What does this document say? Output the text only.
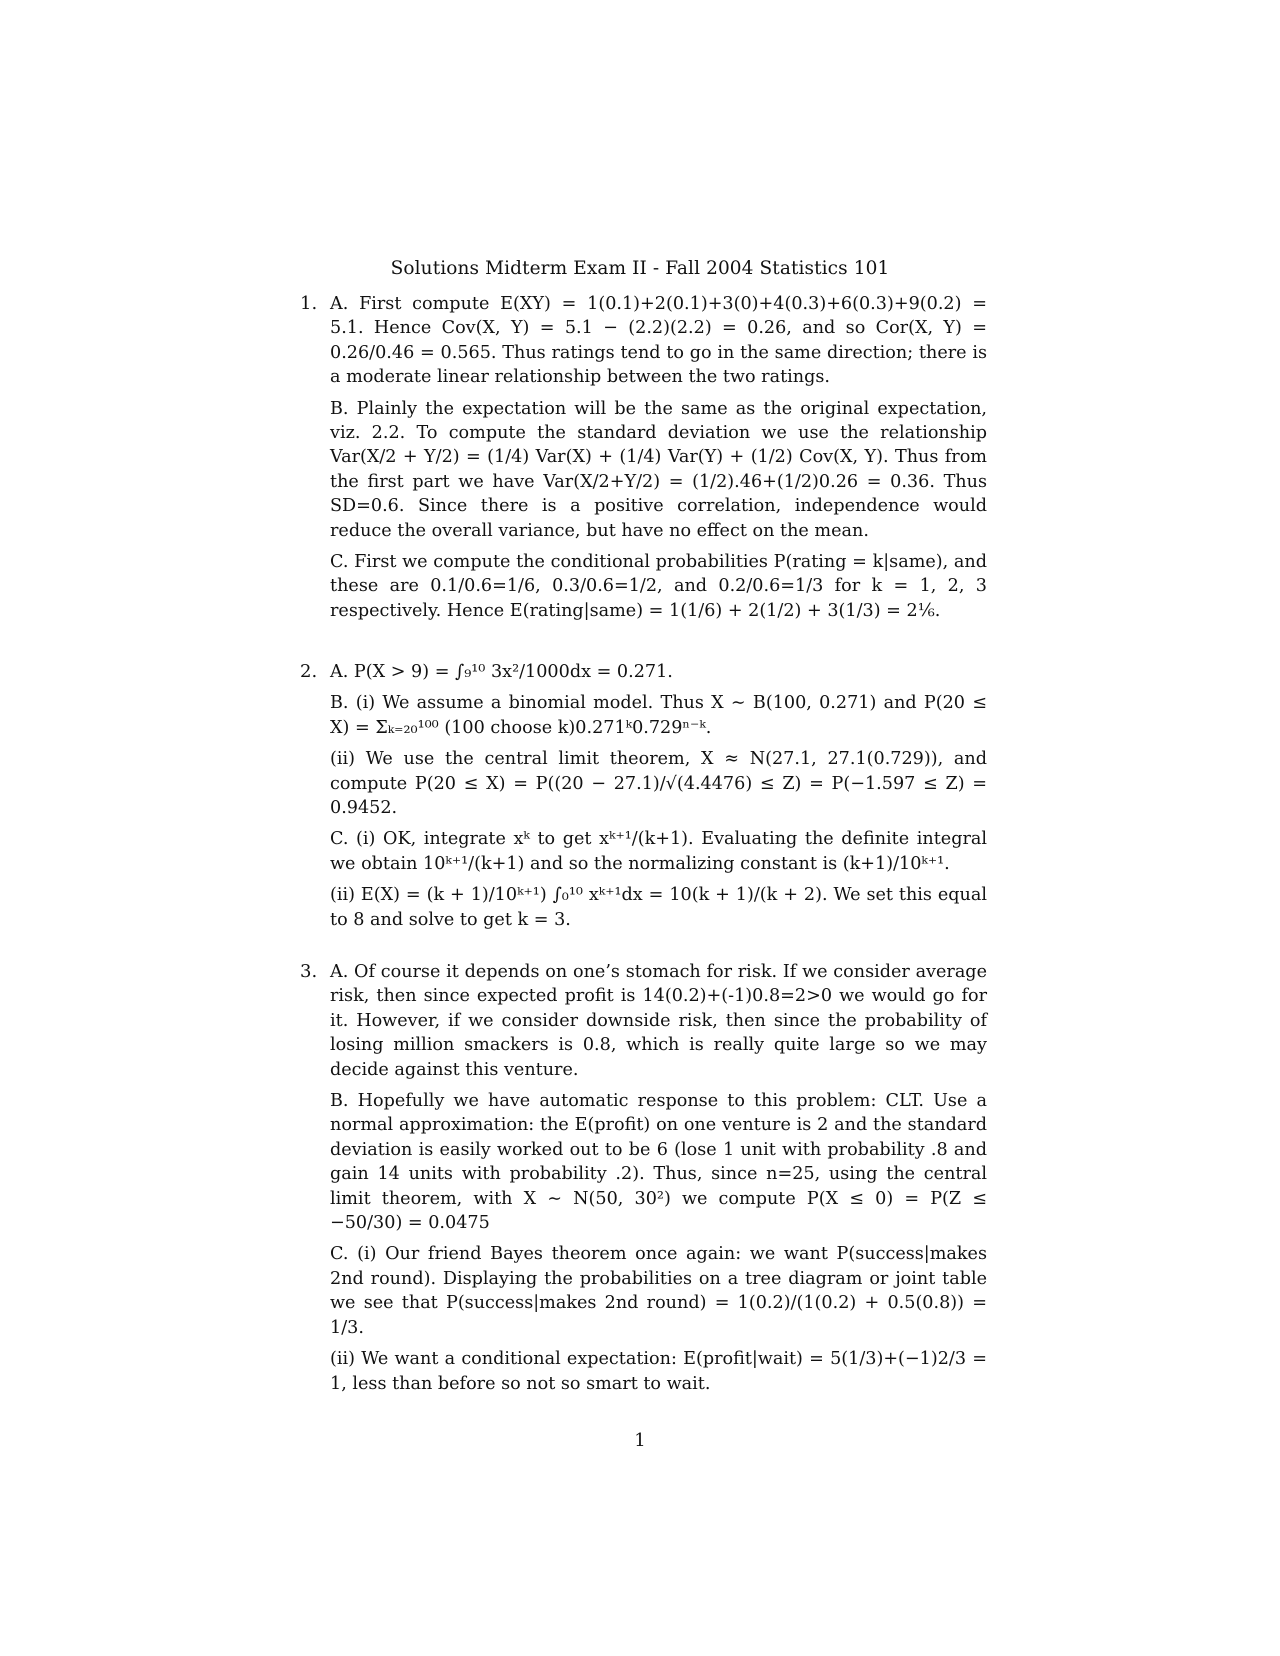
Solutions Midterm Exam II - Fall 2004 Statistics 101
1. A. First compute E(XY) = 1(0.1)+2(0.1)+3(0)+4(0.3)+6(0.3)+9(0.2) = 5.1. Hence Cov(X, Y) = 5.1 − (2.2)(2.2) = 0.26, and so Cor(X, Y) = 0.26/0.46 = 0.565. Thus ratings tend to go in the same direction; there is a moderate linear relationship between the two ratings.
B. Plainly the expectation will be the same as the original expectation, viz. 2.2. To compute the standard deviation we use the relationship Var(X/2 + Y/2) = (1/4) Var(X) + (1/4) Var(Y) + (1/2) Cov(X, Y). Thus from the first part we have Var(X/2+Y/2) = (1/2).46+(1/2)0.26 = 0.36. Thus SD=0.6. Since there is a positive correlation, independence would reduce the overall variance, but have no effect on the mean.
C. First we compute the conditional probabilities P(rating = k|same), and these are 0.1/0.6=1/6, 0.3/0.6=1/2, and 0.2/0.6=1/3 for k = 1, 2, 3 respectively. Hence E(rating|same) = 1(1/6) + 2(1/2) + 3(1/3) = 2⅙.
2. A. P(X > 9) = ∫₉¹⁰ 3x²/1000dx = 0.271.
B. (i) We assume a binomial model. Thus X ∼ B(100, 0.271) and P(20 ≤ X) = Σₖ₌₂₀¹⁰⁰ (100 choose k)0.271ᵏ0.729ⁿ⁻ᵏ.
(ii) We use the central limit theorem, X ≈ N(27.1, 27.1(0.729)), and compute P(20 ≤ X) = P((20 − 27.1)/√(4.4476) ≤ Z) = P(−1.597 ≤ Z) = 0.9452.
C. (i) OK, integrate xᵏ to get xᵏ⁺¹/(k+1). Evaluating the definite integral we obtain 10ᵏ⁺¹/(k+1) and so the normalizing constant is (k+1)/10ᵏ⁺¹.
(ii) E(X) = (k + 1)/10ᵏ⁺¹) ∫₀¹⁰ xᵏ⁺¹dx = 10(k + 1)/(k + 2). We set this equal to 8 and solve to get k = 3.
3. A. Of course it depends on one’s stomach for risk. If we consider average risk, then since expected profit is 14(0.2)+(-1)0.8=2>0 we would go for it. However, if we consider downside risk, then since the probability of losing million smackers is 0.8, which is really quite large so we may decide against this venture.
B. Hopefully we have automatic response to this problem: CLT. Use a normal approximation: the E(profit) on one venture is 2 and the standard deviation is easily worked out to be 6 (lose 1 unit with probability .8 and gain 14 units with probability .2). Thus, since n=25, using the central limit theorem, with X ∼ N(50, 30²) we compute P(X ≤ 0) = P(Z ≤ −50/30) = 0.0475
C. (i) Our friend Bayes theorem once again: we want P(success|makes 2nd round). Displaying the probabilities on a tree diagram or joint table we see that P(success|makes 2nd round) = 1(0.2)/(1(0.2) + 0.5(0.8)) = 1/3.
(ii) We want a conditional expectation: E(profit|wait) = 5(1/3)+(−1)2/3 = 1, less than before so not so smart to wait.
1
